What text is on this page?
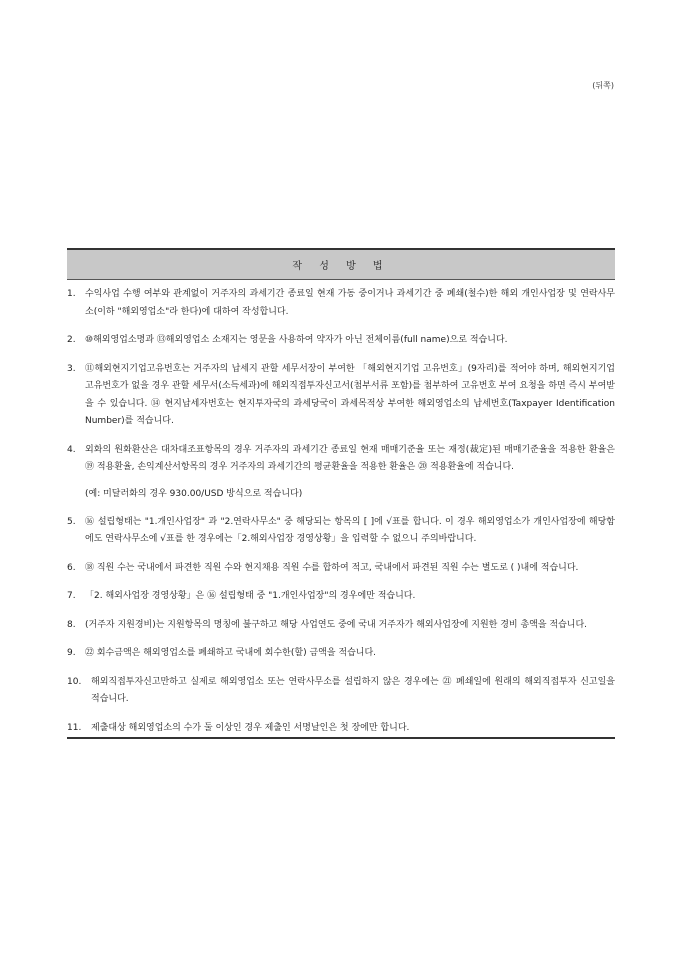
(뒤쪽)
작 성 방 법
1.	수익사업 수행 여부와 관계없이 거주자의 과세기간 종료일 현재 가동 중이거나 과세기간 중 폐쇄(철수)한 해외 개인사업장 및 연락사무소(이하 "해외영업소"라 한다)에 대하여 작성합니다.
2.	⑩해외영업소명과 ⑬해외영업소 소재지는 영문을 사용하여 약자가 아닌 전체이름(full name)으로 적습니다.
3.	⑪해외현지기업고유번호는 거주자의 납세지 관할 세무서장이 부여한 「해외현지기업 고유번호」(9자리)를 적어야 하며, 해외현지기업고유번호가 없을 경우 관할 세무서(소득세과)에 해외직접투자신고서(첨부서류 포함)를 첨부하여 고유번호 부여 요청을 하면 즉시 부여받을 수 있습니다. ⑭ 현지납세자번호는 현지투자국의 과세당국이 과세목적상 부여한 해외영업소의 납세번호(Taxpayer Identification Number)를 적습니다.
4.	외화의 원화환산은 대차대조표항목의 경우 거주자의 과세기간 종료일 현재 매매기준율 또는 재정(裁定)된 매매기준율을 적용한 환율은 ⑲ 적용환율, 손익계산서항목의 경우 거주자의 과세기간의 평균환율을 적용한 환율은 ⑳ 적용환율에 적습니다.
(예: 미달러화의 경우 930.00/USD 방식으로 적습니다)
5.	⑯ 설립형태는 "1.개인사업장" 과 "2.연락사무소" 중 해당되는 항목의 [ ]에 √표를 합니다. 이 경우 해외영업소가 개인사업장에 해당함에도 연락사무소에 √표를 한 경우에는「2.해외사업장 경영상황」을 입력할 수 없으니 주의바랍니다.
6.	⑱ 직원 수는 국내에서 파견한 직원 수와 현지채용 직원 수를 합하여 적고, 국내에서 파견된 직원 수는 별도로 ( )내에 적습니다.
7.	「2. 해외사업장 경영상황」은 ⑯ 설립형태 중 "1.개인사업장"의 경우에만 적습니다.
8.	(거주자 지원경비)는 지원항목의 명칭에 불구하고 해당 사업연도 중에 국내 거주자가 해외사업장에 지원한 경비 총액을 적습니다.
9.	㉒ 회수금액은 해외영업소를 폐쇄하고 국내에 회수한(할) 금액을 적습니다.
10.	해외직접투자신고만하고 실제로 해외영업소 또는 연락사무소를 설립하지 않은 경우에는 ㉑ 폐쇄일에 원래의 해외직접투자 신고일을 적습니다.
11.	제출대상 해외영업소의 수가 둘 이상인 경우 제출인 서명날인은 첫 장에만 합니다.
